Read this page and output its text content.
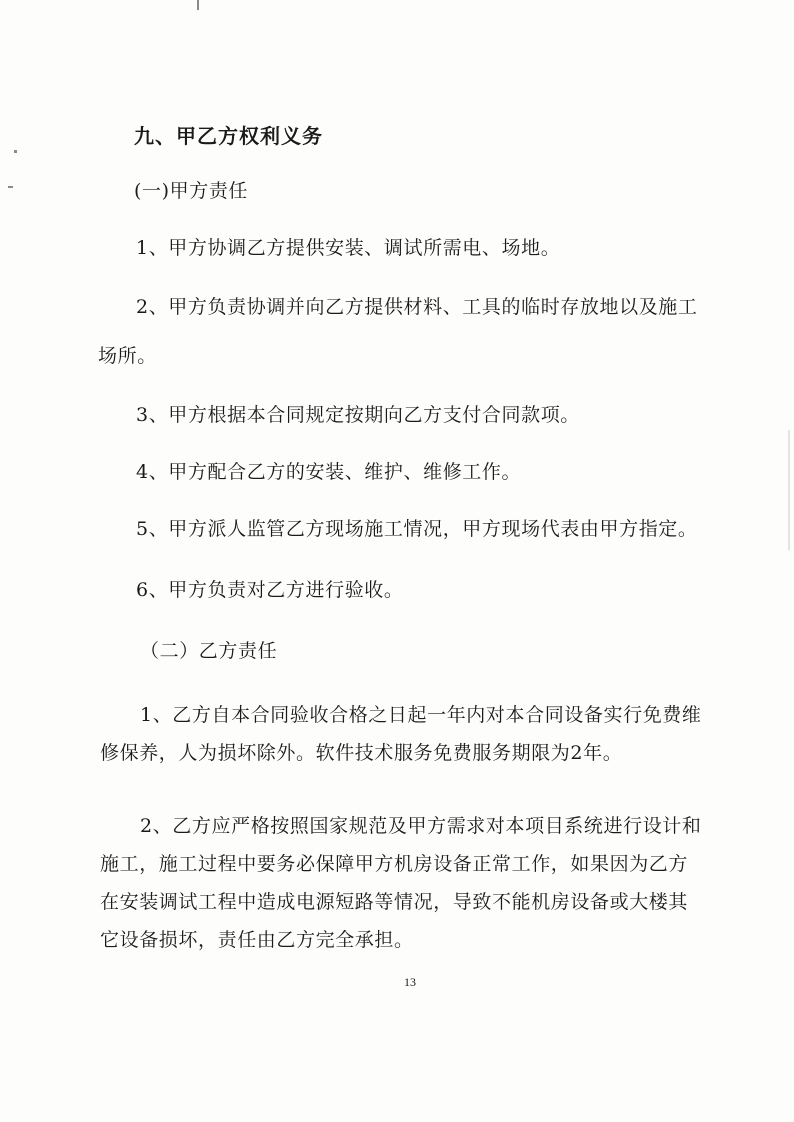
九、甲乙方权利义务
(一)甲方责任
1、甲方协调乙方提供安装、调试所需电、场地。
2、甲方负责协调并向乙方提供材料、工具的临时存放地以及施工
场所。
3、甲方根据本合同规定按期向乙方支付合同款项。
4、甲方配合乙方的安装、维护、维修工作。
5、甲方派人监管乙方现场施工情况，甲方现场代表由甲方指定。
6、甲方负责对乙方进行验收。
（二）乙方责任
1、乙方自本合同验收合格之日起一年内对本合同设备实行免费维
修保养，人为损坏除外。软件技术服务免费服务期限为2年。
2、乙方应严格按照国家规范及甲方需求对本项目系统进行设计和
施工，施工过程中要务必保障甲方机房设备正常工作，如果因为乙方
在安装调试工程中造成电源短路等情况，导致不能机房设备或大楼其
它设备损坏，责任由乙方完全承担。
13
